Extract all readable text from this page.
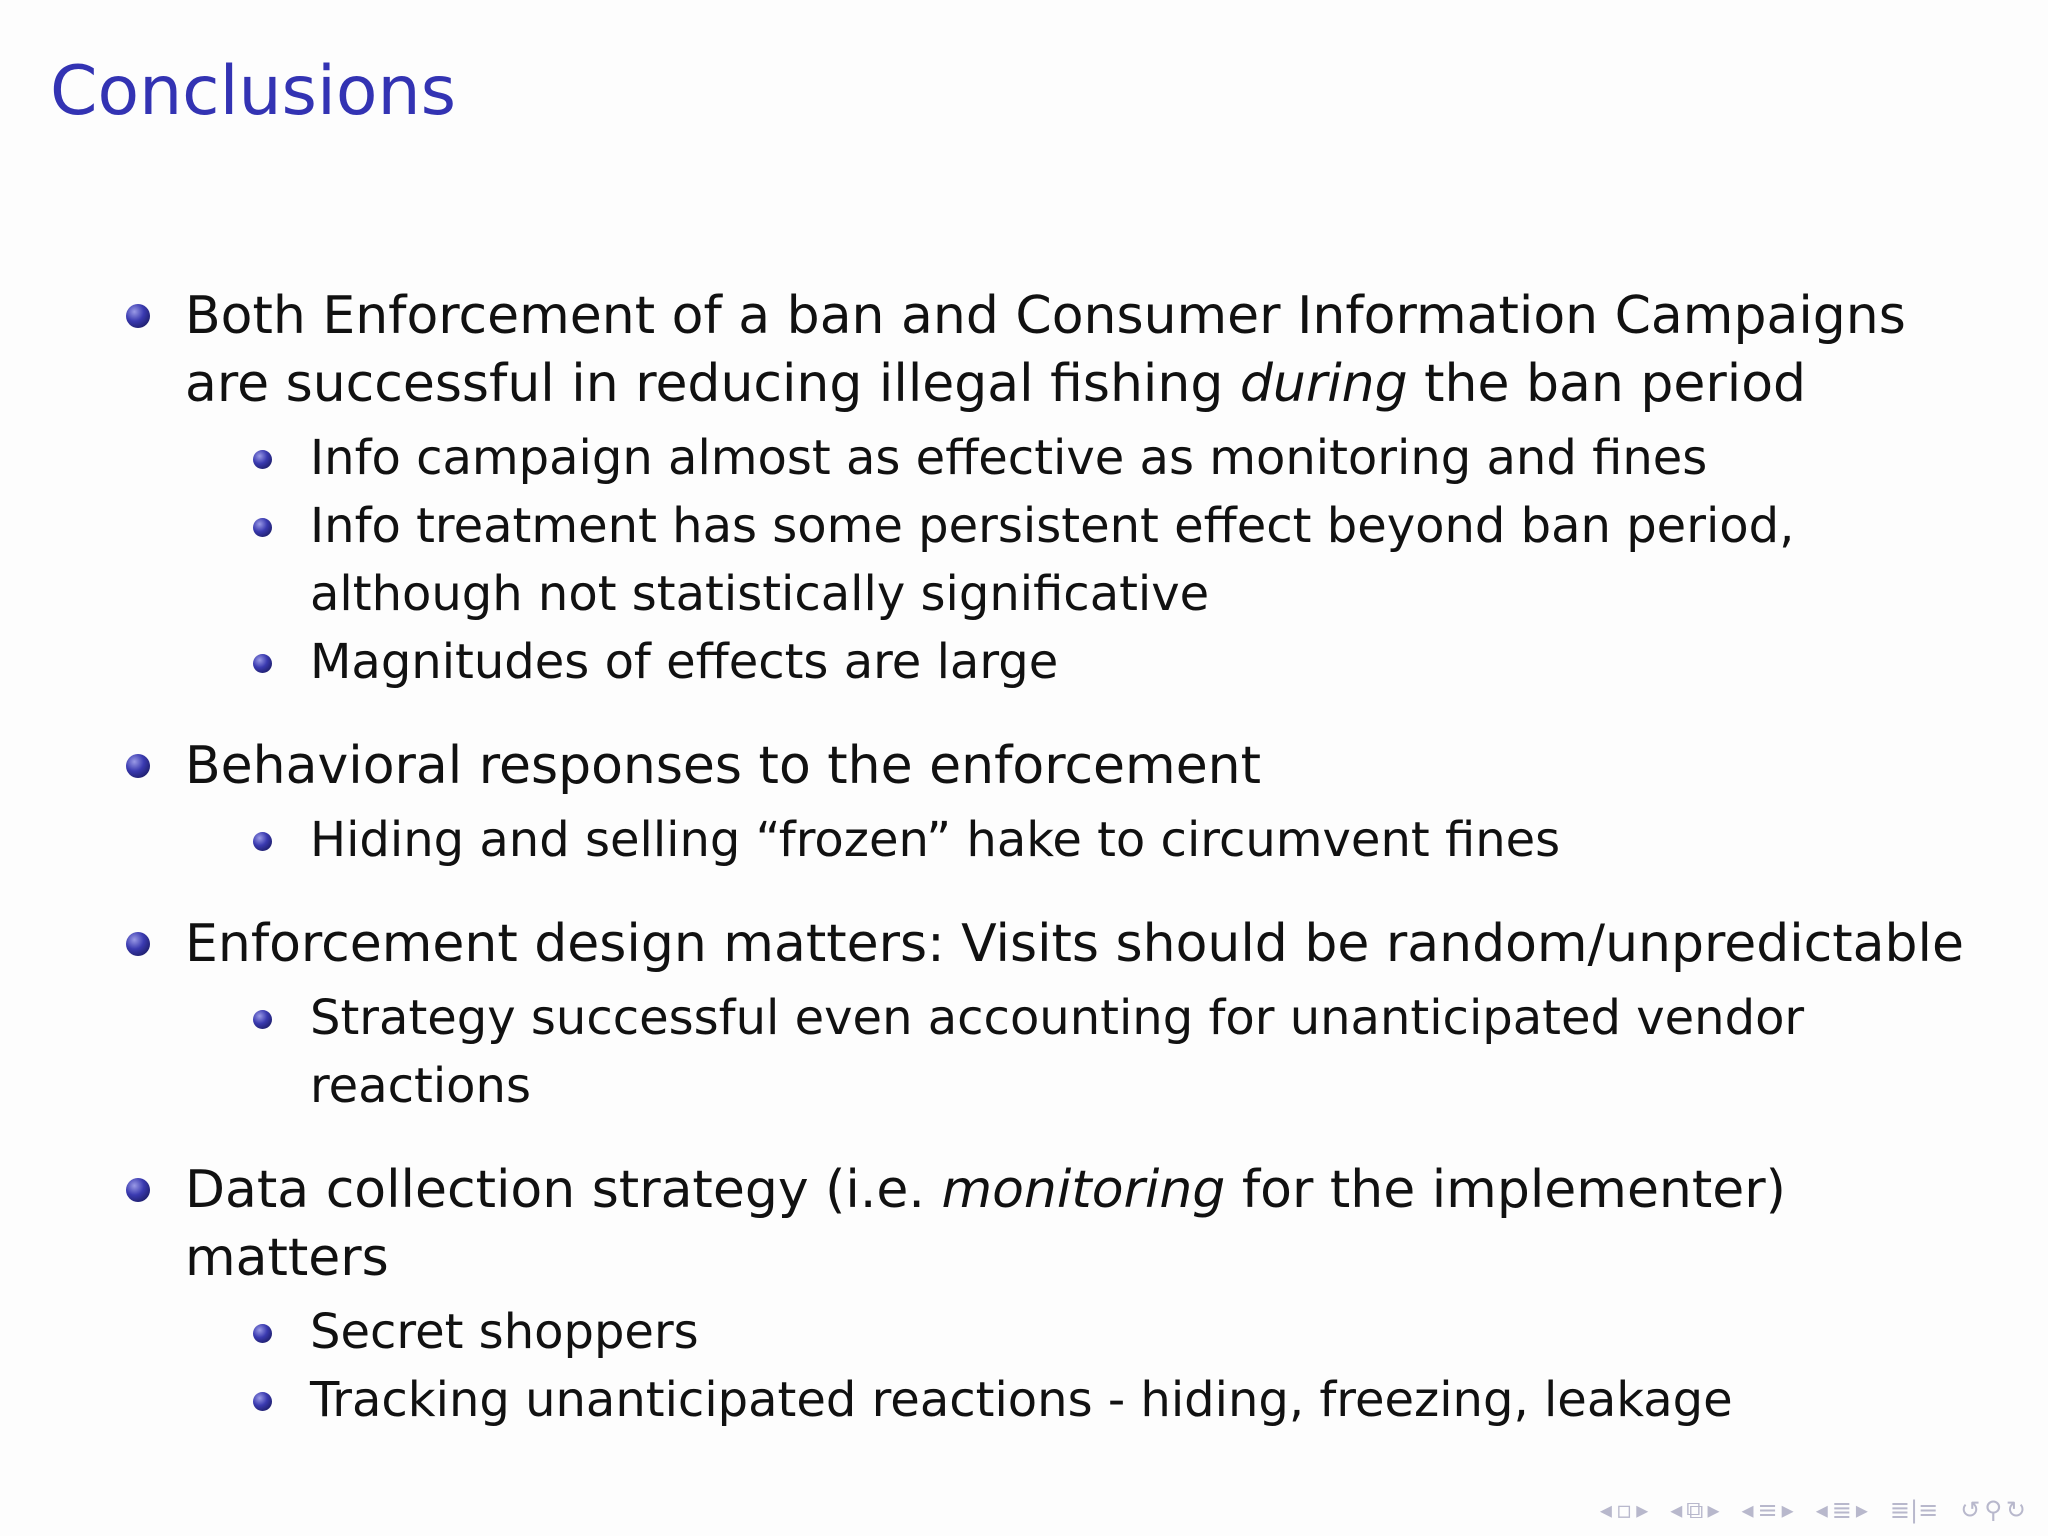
Conclusions
Both Enforcement of a ban and Consumer Information Campaigns are successful in reducing illegal fishing during the ban period
Info campaign almost as effective as monitoring and fines
Info treatment has some persistent effect beyond ban period, although not statistically significative
Magnitudes of effects are large
Behavioral responses to the enforcement
Hiding and selling “frozen” hake to circumvent fines
Enforcement design matters: Visits should be random/unpredictable
Strategy successful even accounting for unanticipated vendor reactions
Data collection strategy (i.e. monitoring for the implementer) matters
Secret shoppers
Tracking unanticipated reactions - hiding, freezing, leakage
◂ ▫ ▸ ◂ ⧉ ▸ ◂ ≡ ▸ ◂ ≣ ▸ ≣|≡ ↺ ⚲ ↻
